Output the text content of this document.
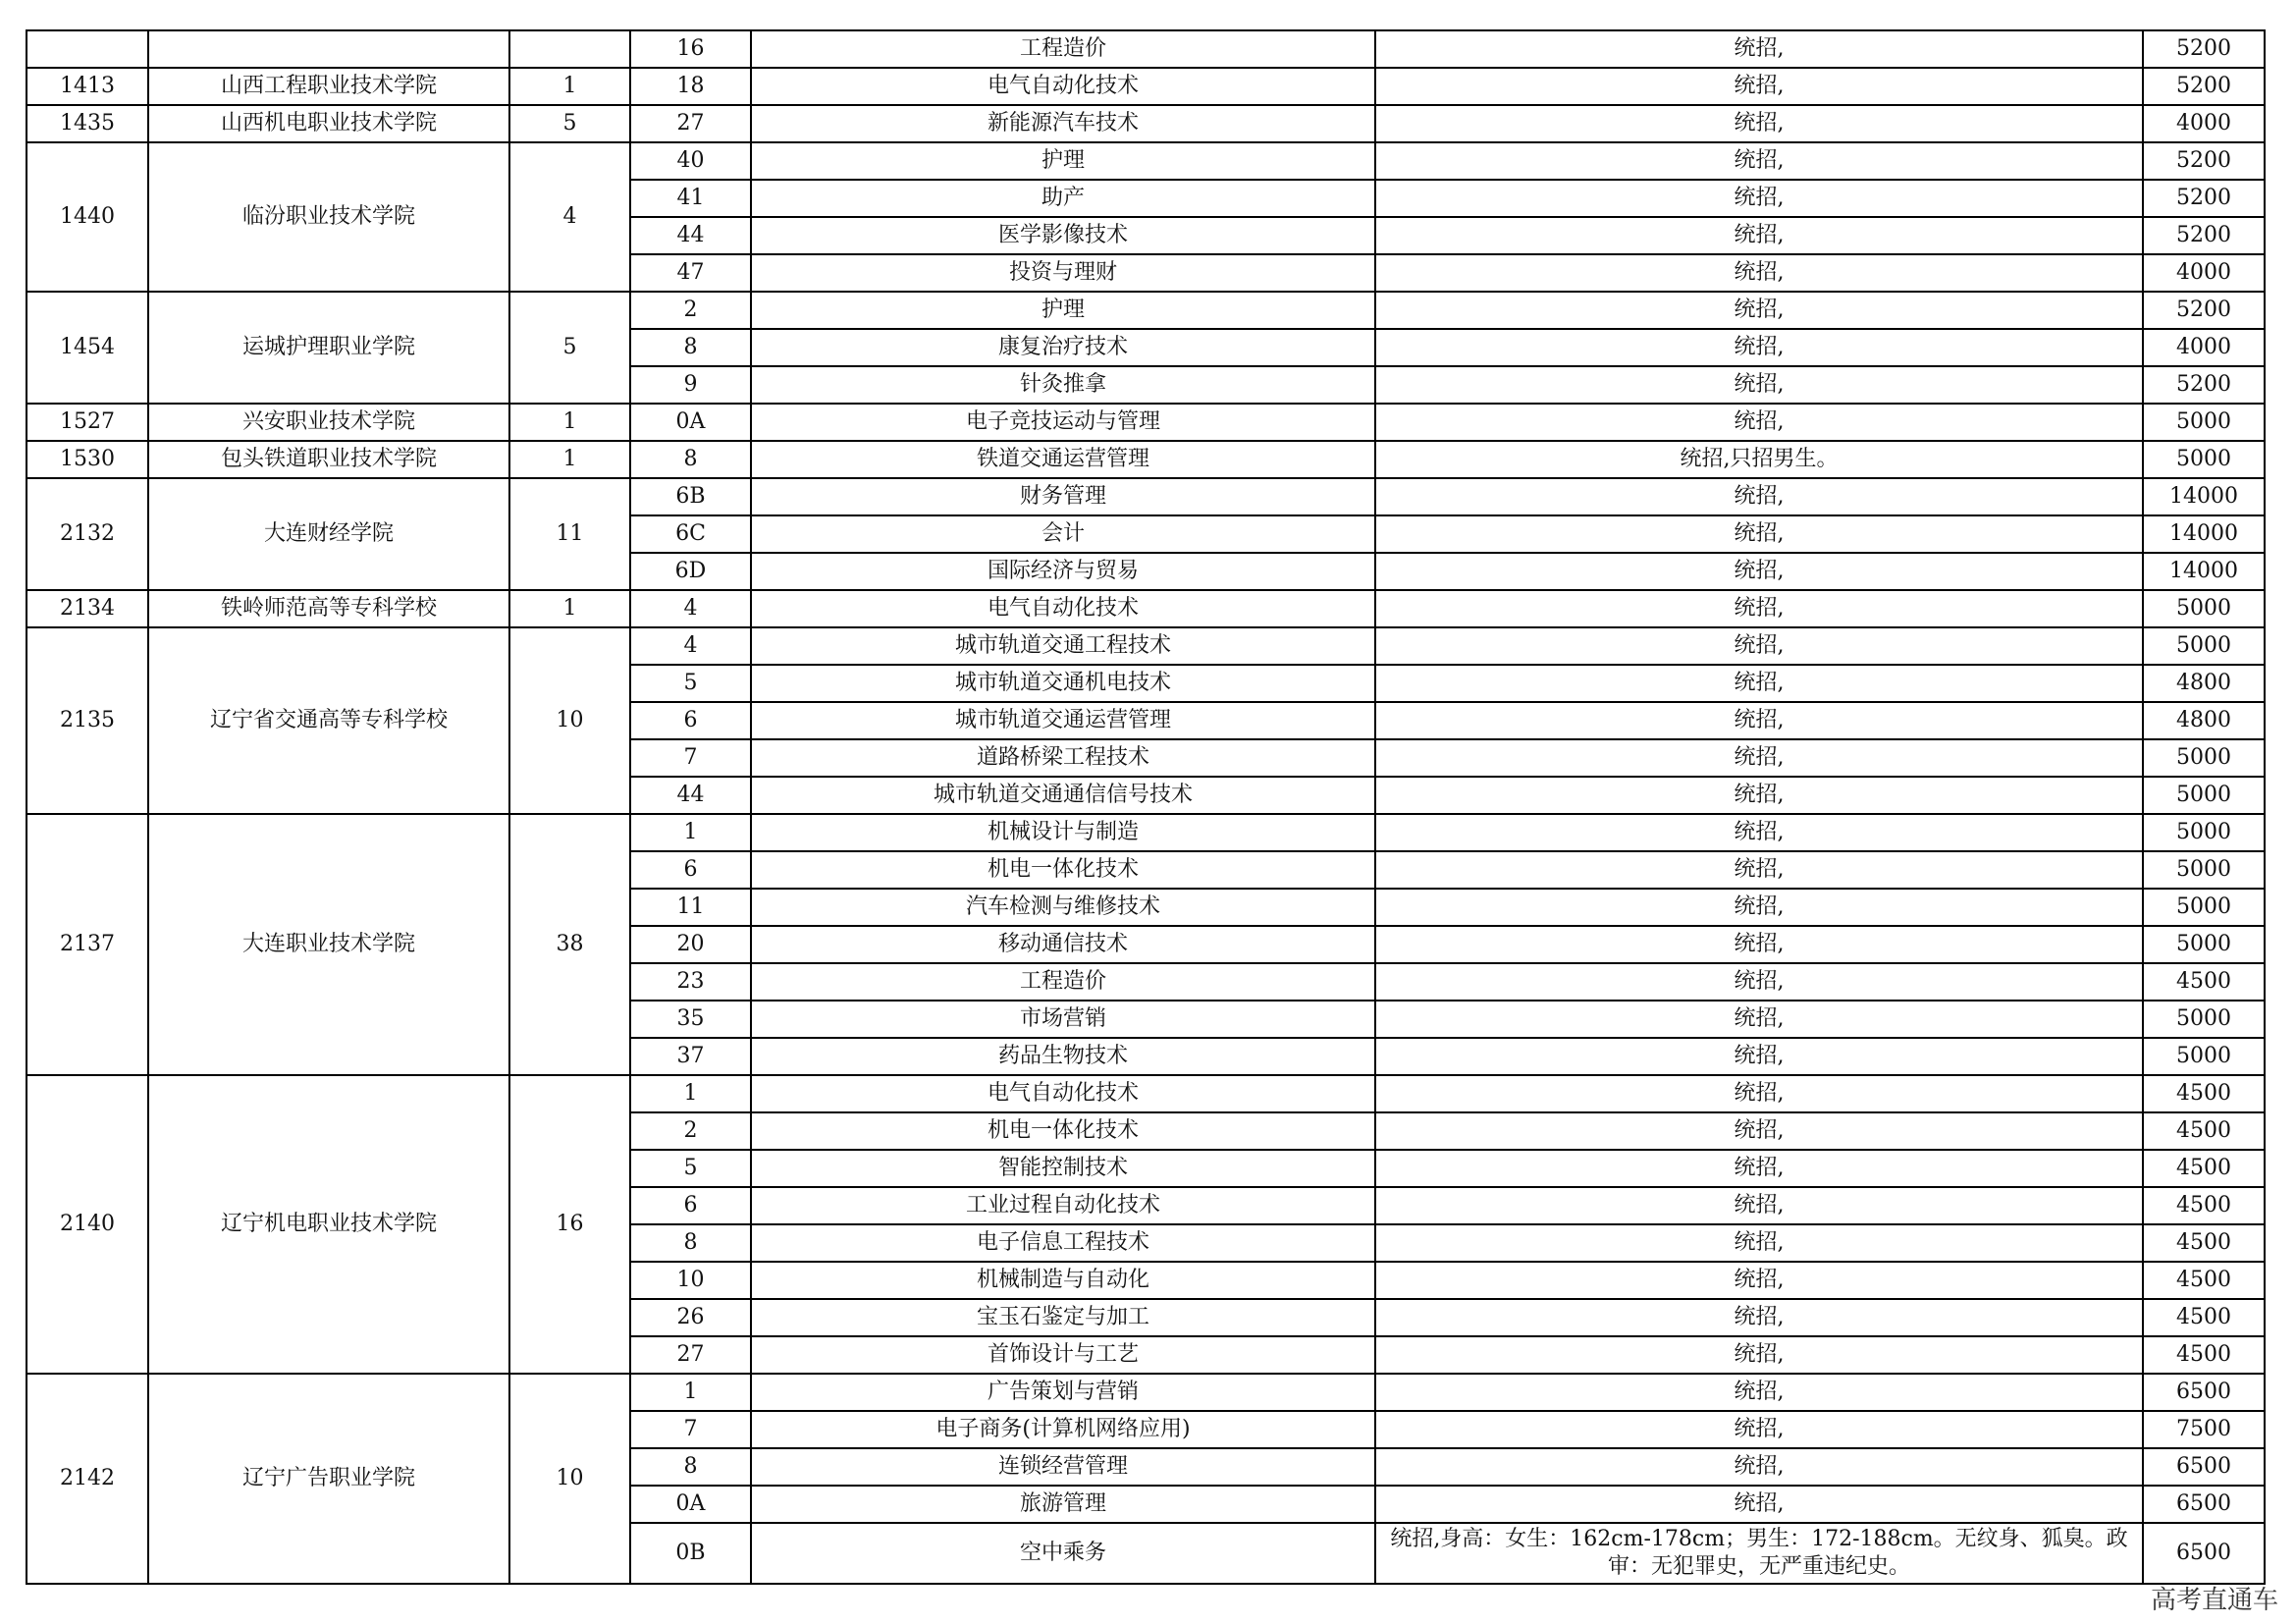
			16	工程造价	统招,	5200
1413	山西工程职业技术学院	1	18	电气自动化技术	统招,	5200
1435	山西机电职业技术学院	5	27	新能源汽车技术	统招,	4000
1440	临汾职业技术学院	4	40	护理	统招,	5200
			41	助产	统招,	5200
			44	医学影像技术	统招,	5200
			47	投资与理财	统招,	4000
1454	运城护理职业学院	5	2	护理	统招,	5200
			8	康复治疗技术	统招,	4000
			9	针灸推拿	统招,	5200
1527	兴安职业技术学院	1	0A	电子竞技运动与管理	统招,	5000
1530	包头铁道职业技术学院	1	8	铁道交通运营管理	统招,只招男生。	5000
2132	大连财经学院	11	6B	财务管理	统招,	14000
			6C	会计	统招,	14000
			6D	国际经济与贸易	统招,	14000
2134	铁岭师范高等专科学校	1	4	电气自动化技术	统招,	5000
2135	辽宁省交通高等专科学校	10	4	城市轨道交通工程技术	统招,	5000
			5	城市轨道交通机电技术	统招,	4800
			6	城市轨道交通运营管理	统招,	4800
			7	道路桥梁工程技术	统招,	5000
			44	城市轨道交通通信信号技术	统招,	5000
2137	大连职业技术学院	38	1	机械设计与制造	统招,	5000
			6	机电一体化技术	统招,	5000
			11	汽车检测与维修技术	统招,	5000
			20	移动通信技术	统招,	5000
			23	工程造价	统招,	4500
			35	市场营销	统招,	5000
			37	药品生物技术	统招,	5000
2140	辽宁机电职业技术学院	16	1	电气自动化技术	统招,	4500
			2	机电一体化技术	统招,	4500
			5	智能控制技术	统招,	4500
			6	工业过程自动化技术	统招,	4500
			8	电子信息工程技术	统招,	4500
			10	机械制造与自动化	统招,	4500
			26	宝玉石鉴定与加工	统招,	4500
			27	首饰设计与工艺	统招,	4500
2142	辽宁广告职业学院	10	1	广告策划与营销	统招,	6500
			7	电子商务(计算机网络应用)	统招,	7500
			8	连锁经营管理	统招,	6500
			0A	旅游管理	统招,	6500
			0B	空中乘务	统招,身高：女生：162cm-178cm；男生：172-188cm。无纹身、狐臭。政审：无犯罪史，无严重违纪史。	6500
高考直通车
